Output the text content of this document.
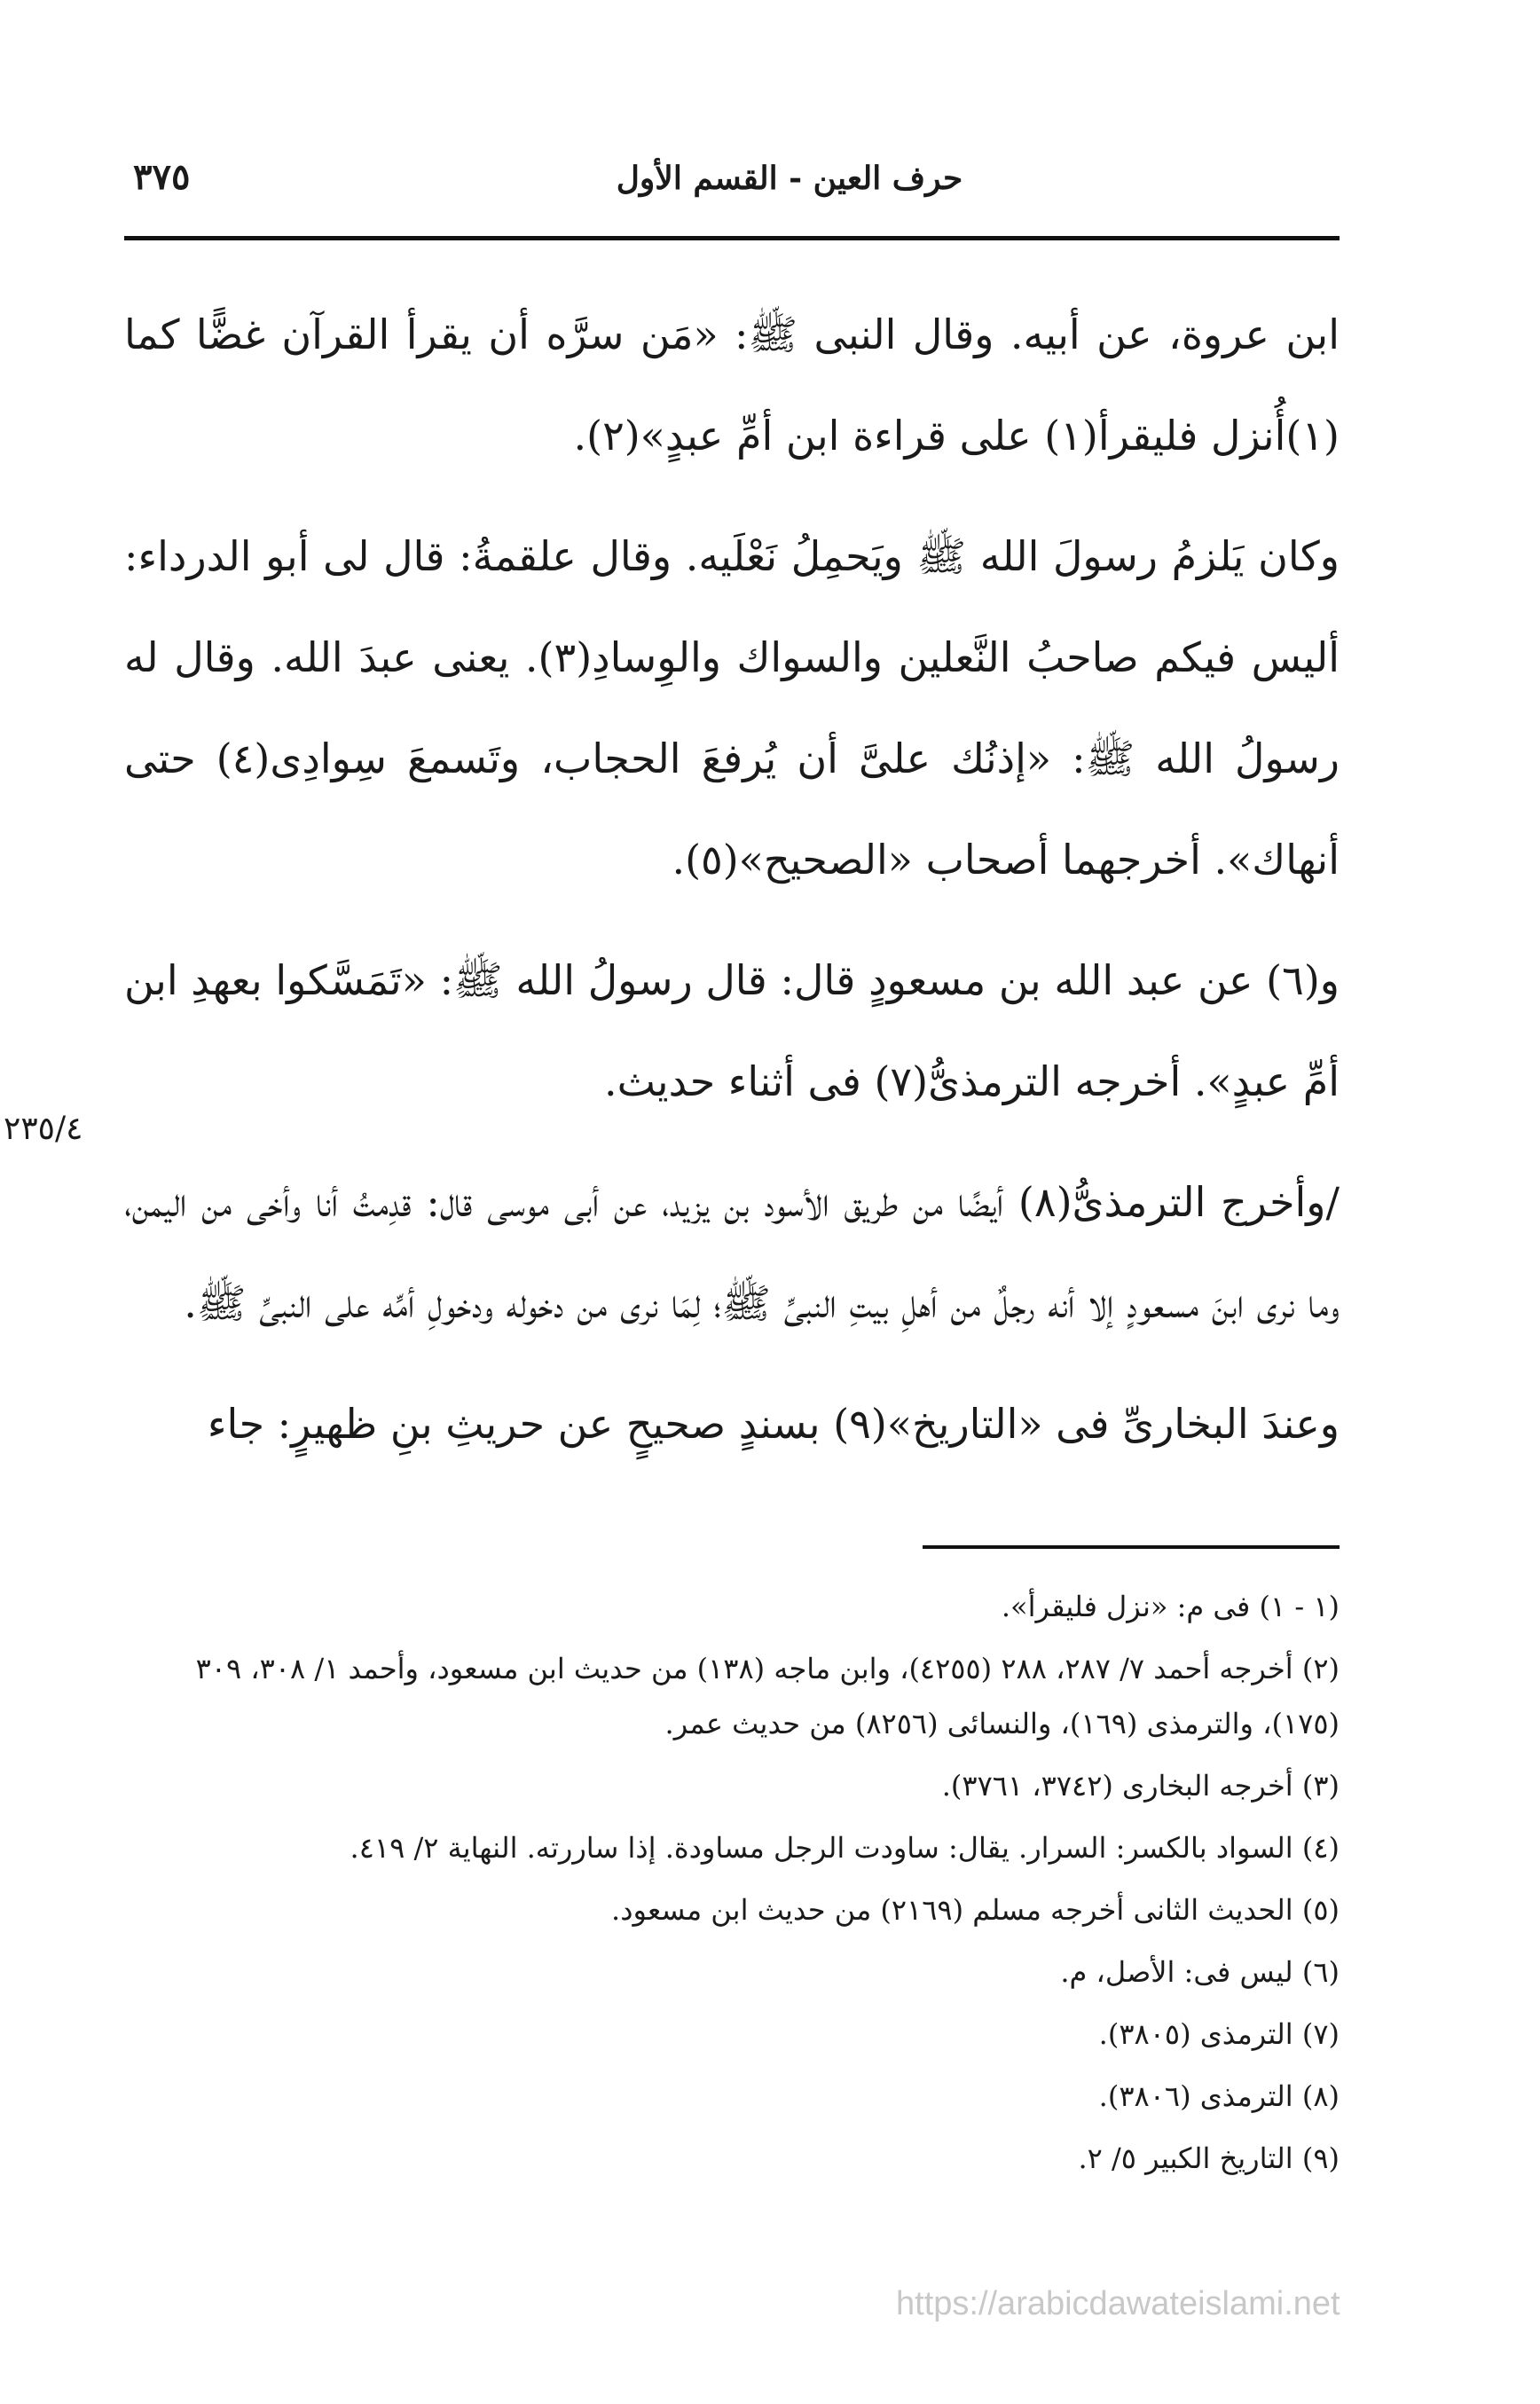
٣٧٥	حرف العين - القسم الأول
٢٣٥/٤

ابن عروة، عن أبيه. وقال النبى ﷺ: «مَن سرَّه أن يقرأ القرآن غضًّا كما (١)أُنزل فليقرأ(١) على قراءة ابن أمِّ عبدٍ»(٢).

وكان يَلزمُ رسولَ الله ﷺ ويَحمِلُ نَعْلَيه. وقال علقمةُ: قال لى أبو الدرداء: أليس فيكم صاحبُ النَّعلين والسواك والوِسادِ(٣). يعنى عبدَ الله. وقال له رسولُ الله ﷺ: «إذنُك علىَّ أن يُرفعَ الحجاب، وتَسمعَ سِوادِى(٤) حتى أنهاك». أخرجهما أصحاب «الصحيح»(٥).

و(٦) عن عبد الله بن مسعودٍ قال: قال رسولُ الله ﷺ: «تَمَسَّكوا بعهدِ ابن أمِّ عبدٍ». أخرجه الترمذىُّ(٧) فى أثناء حديث.

/وأخرج الترمذىُّ(٨) أيضًا من طريق الأسود بن يزيد، عن أبى موسى قال: قدِمتُ أنا وأخى من اليمن، وما نرى ابنَ مسعودٍ إلا أنه رجلٌ من أهلِ بيتِ النبىِّ ﷺ؛ لِمَا نرى من دخوله ودخولِ أمِّه على النبىِّ ﷺ.

وعندَ البخارىِّ فى «التاريخ»(٩) بسندٍ صحيحٍ عن حريثِ بنِ ظهيرٍ: جاء

(١ - ١) فى م: «نزل فليقرأ».
(٢) أخرجه أحمد ٧/ ٢٨٧، ٢٨٨ (٤٢٥٥)، وابن ماجه (١٣٨) من حديث ابن مسعود، وأحمد ١/ ٣٠٨، ٣٠٩ (١٧٥)، والترمذى (١٦٩)، والنسائى (٨٢٥٦) من حديث عمر.
(٣) أخرجه البخارى (٣٧٤٢، ٣٧٦١).
(٤) السواد بالكسر: السرار. يقال: ساودت الرجل مساودة. إذا ساررته. النهاية ٢/ ٤١٩.
(٥) الحديث الثانى أخرجه مسلم (٢١٦٩) من حديث ابن مسعود.
(٦) ليس فى: الأصل، م.
(٧) الترمذى (٣٨٠٥).
(٨) الترمذى (٣٨٠٦).
(٩) التاريخ الكبير ٥/ ٢.
https://arabicdawateislami.net
